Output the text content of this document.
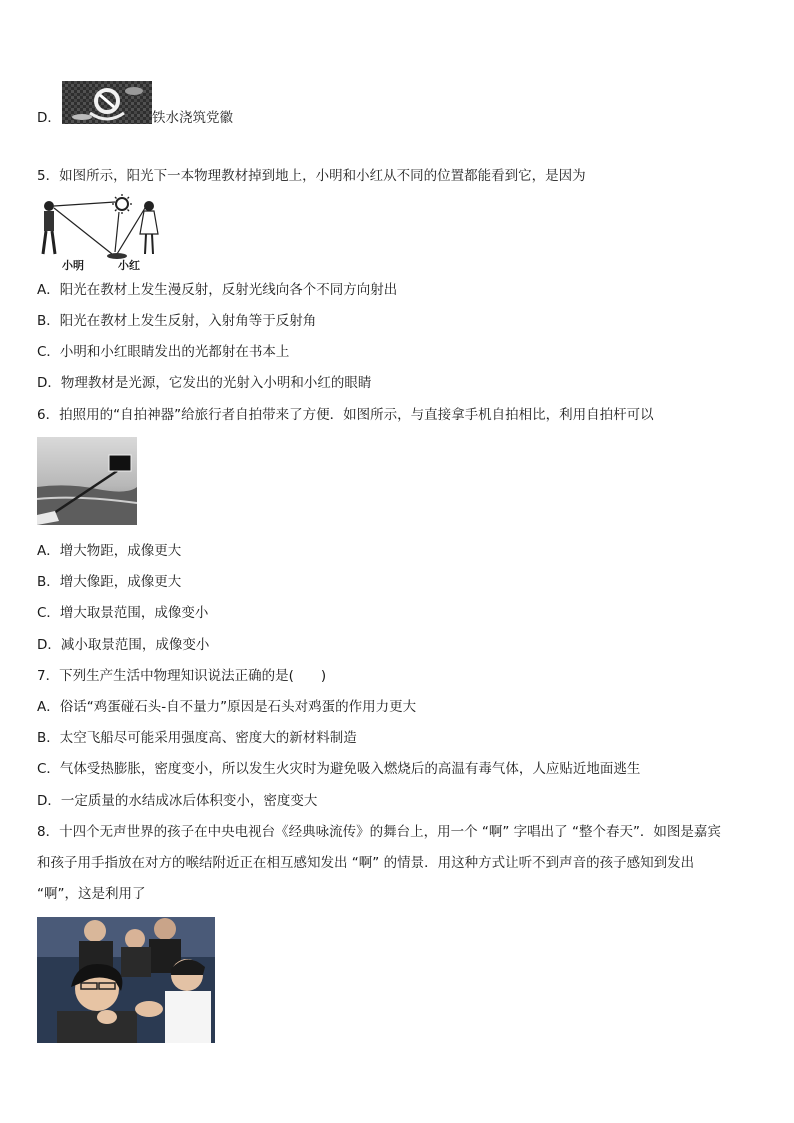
D．	铁水浇筑党徽
5．如图所示，阳光下一本物理教材掉到地上，小明和小红从不同的位置都能看到它，是因为
小明	小红
A．阳光在教材上发生漫反射，反射光线向各个不同方向射出
B．阳光在教材上发生反射，入射角等于反射角
C．小明和小红眼睛发出的光都射在书本上
D．物理教材是光源，它发出的光射入小明和小红的眼睛
6．拍照用的“自拍神器”给旅行者自拍带来了方便．如图所示，与直接拿手机自拍相比，利用自拍杆可以
A．增大物距，成像更大
B．增大像距，成像更大
C．增大取景范围，成像变小
D．减小取景范围，成像变小
7．下列生产生活中物理知识说法正确的是(　　)
A．俗话“鸡蛋碰石头-自不量力”原因是石头对鸡蛋的作用力更大
B．太空飞船尽可能采用强度高、密度大的新材料制造
C．气体受热膨胀，密度变小，所以发生火灾时为避免吸入燃烧后的高温有毒气体，人应贴近地面逃生
D．一定质量的水结成冰后体积变小，密度变大
8．十四个无声世界的孩子在中央电视台《经典咏流传》的舞台上，用一个 “啊” 字唱出了 “整个春天”．如图是嘉宾
和孩子用手指放在对方的喉结附近正在相互感知发出 “啊” 的情景．用这种方式让听不到声音的孩子感知到发出
“啊”，这是利用了
